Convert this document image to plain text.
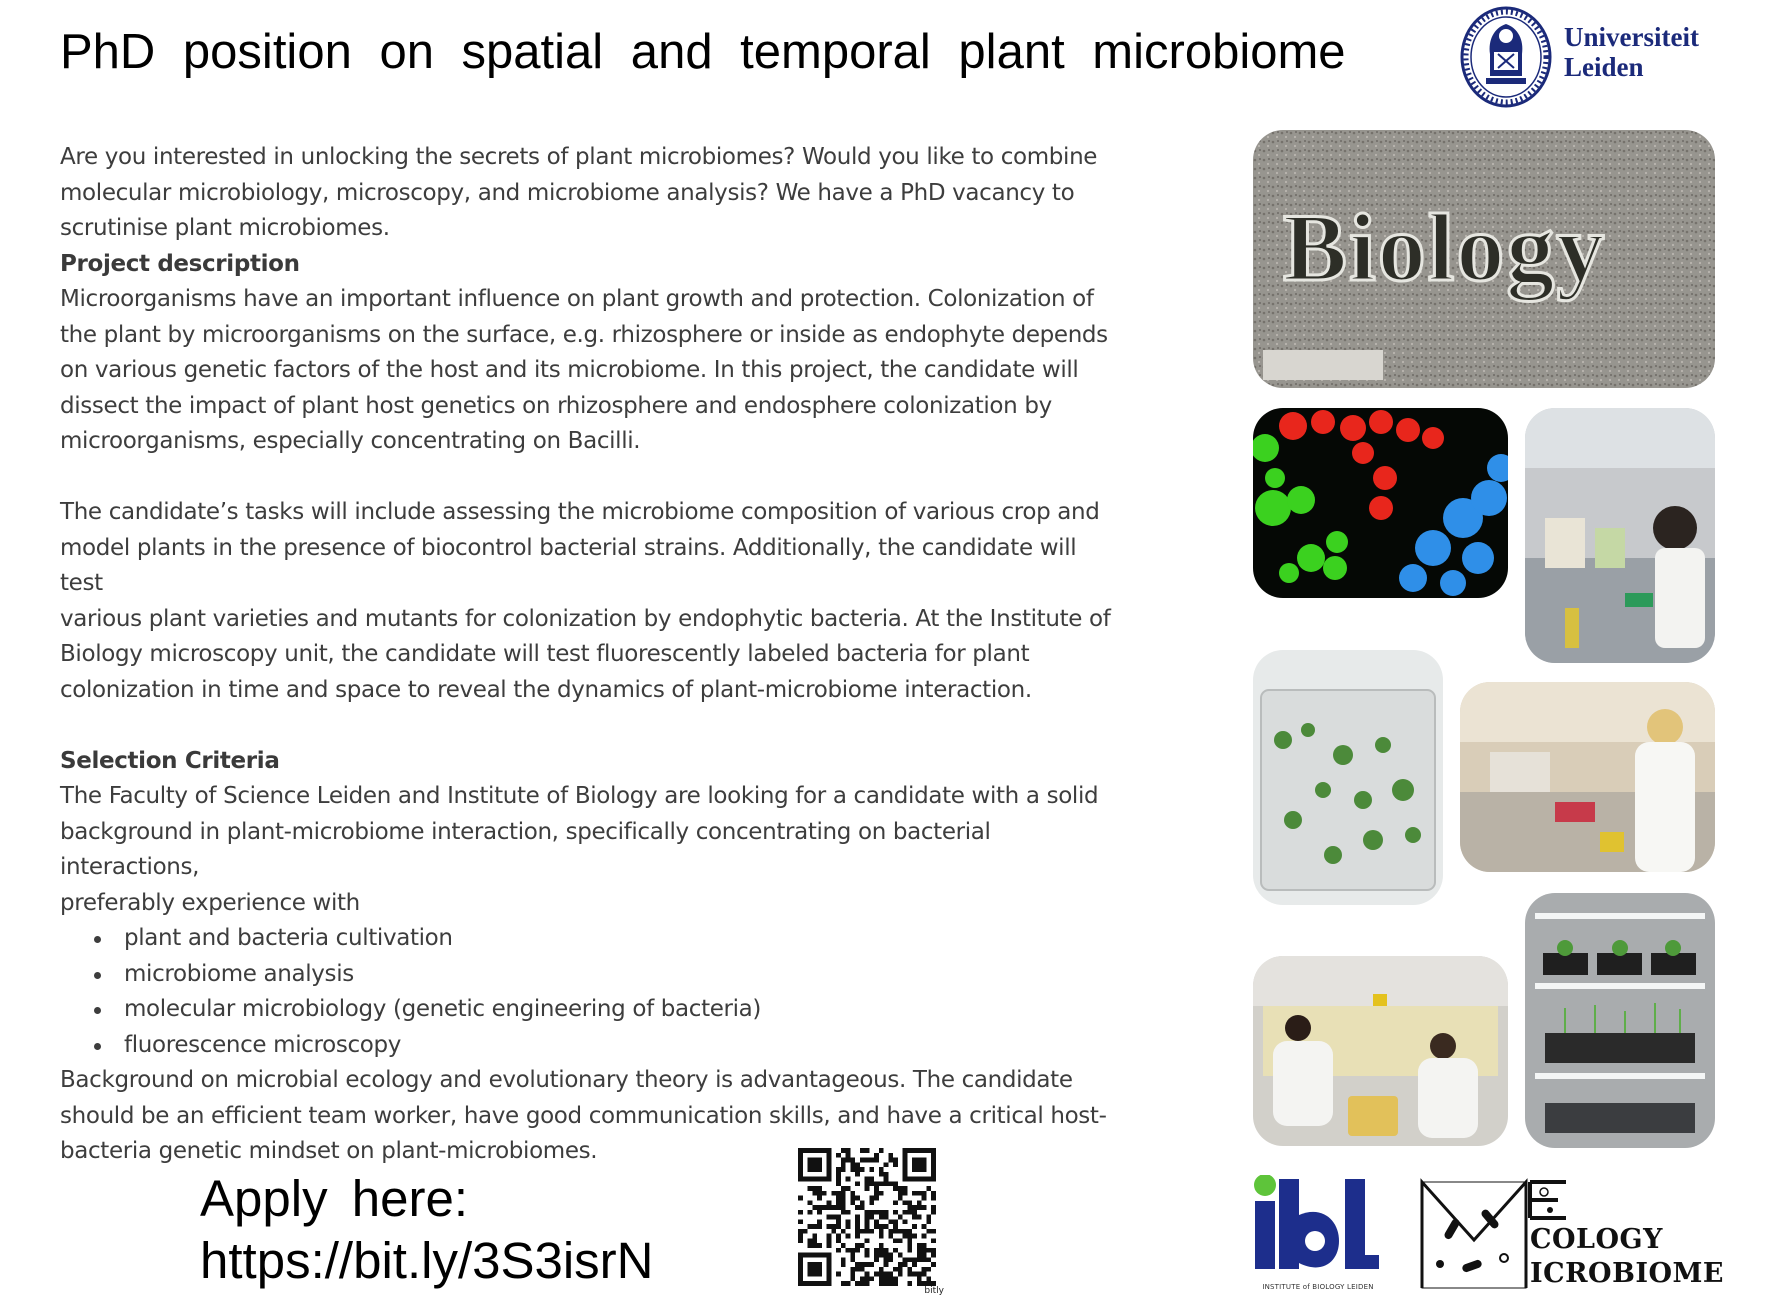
PhD position on spatial and temporal plant microbiome	Universiteit
Leiden

Are you interested in unlocking the secrets of plant microbiomes? Would you like to combine

molecular microbiology, microscopy, and microbiome analysis? We have a PhD vacancy to

scrutinise plant microbiomes.

Project description

Microorganisms have an important influence on plant growth and protection. Colonization of

the plant by microorganisms on the surface, e.g. rhizosphere or inside as endophyte depends

on various genetic factors of the host and its microbiome. In this project, the candidate will

dissect the impact of plant host genetics on rhizosphere and endosphere colonization by

microorganisms, especially concentrating on Bacilli.

The candidate’s tasks will include assessing the microbiome composition of various crop and

model plants in the presence of biocontrol bacterial strains. Additionally, the candidate will test

various plant varieties and mutants for colonization by endophytic bacteria. At the Institute of

Biology microscopy unit, the candidate will test fluorescently labeled bacteria for plant

colonization in time and space to reveal the dynamics of plant-microbiome interaction.

Selection Criteria

The Faculty of Science Leiden and Institute of Biology are looking for a candidate with a solid

background in plant-microbiome interaction, specifically concentrating on bacterial interactions,

preferably experience with

plant and bacteria cultivation
microbiome analysis
molecular microbiology (genetic engineering of bacteria)
fluorescence microscopy

Background on microbial ecology and evolutionary theory is advantageous. The candidate

should be an efficient team worker, have good communication skills, and have a critical host-

bacteria genetic mindset on plant-microbiomes.

Apply here:
https://bit.ly/3S3isrN
bitly
Biology
INSTITUTE of BIOLOGY LEIDEN
COLOGY
ICROBIOME
